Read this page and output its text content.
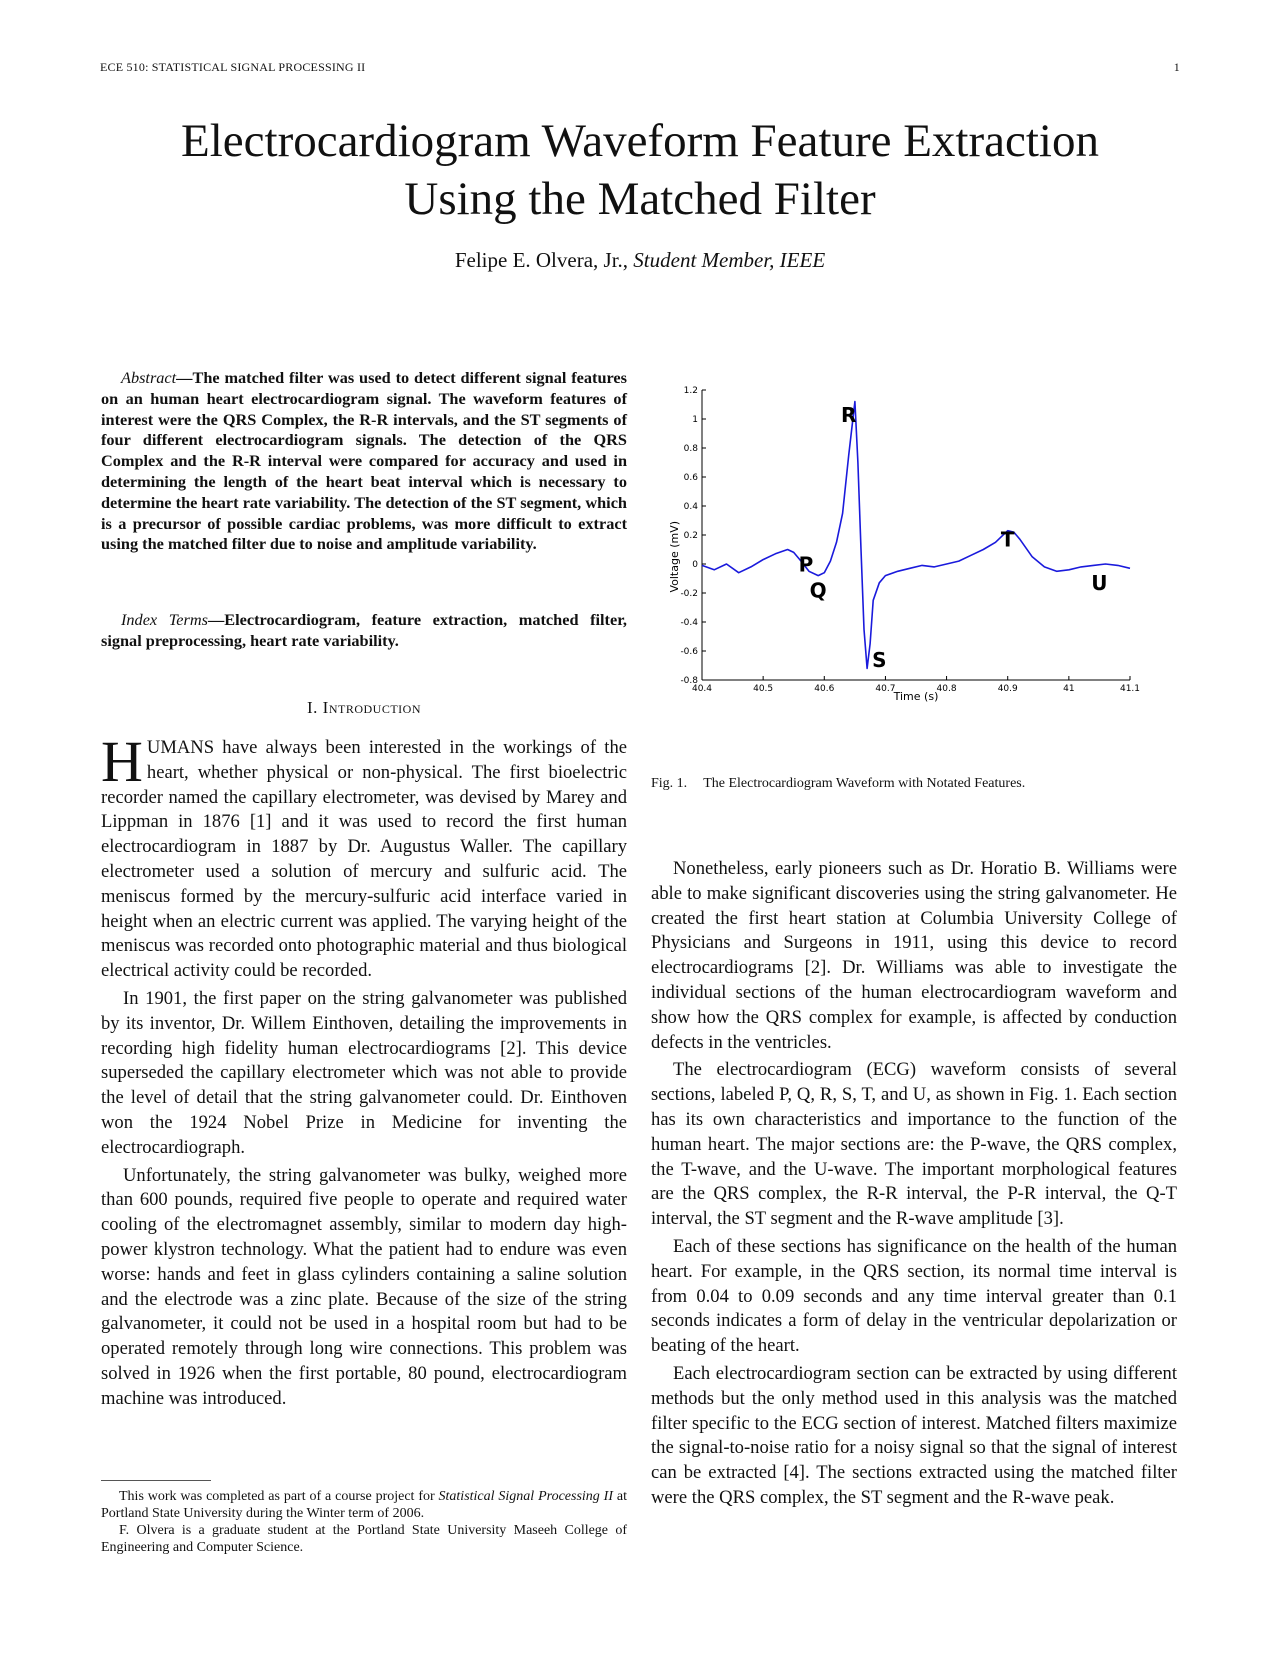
ECE 510: STATISTICAL SIGNAL PROCESSING II	1
Electrocardiogram Waveform Feature Extraction
Using the Matched Filter
Felipe E. Olvera, Jr., Student Member, IEEE
Abstract—The matched filter was used to detect different signal features on an human heart electrocardiogram signal. The waveform features of interest were the QRS Complex, the R-R intervals, and the ST segments of four different electrocardiogram signals. The detection of the QRS Complex and the R-R interval were compared for accuracy and used in determining the length of the heart beat interval which is necessary to determine the heart rate variability. The detection of the ST segment, which is a precursor of possible cardiac problems, was more difficult to extract using the matched filter due to noise and amplitude variability.
Index Terms—Electrocardiogram, feature extraction, matched filter, signal preprocessing, heart rate variability.
I. Introduction

HUMANS have always been interested in the workings of the heart, whether physical or non-physical. The first bioelectric recorder named the capillary electrometer, was devised by Marey and Lippman in 1876 [1] and it was used to record the first human electrocardiogram in 1887 by Dr. Augustus Waller. The capillary electrometer used a solution of mercury and sulfuric acid. The meniscus formed by the mercury-sulfuric acid interface varied in height when an electric current was applied. The varying height of the meniscus was recorded onto photographic material and thus biological electrical activity could be recorded.

In 1901, the first paper on the string galvanometer was published by its inventor, Dr. Willem Einthoven, detailing the improvements in recording high fidelity human electrocardiograms [2]. This device superseded the capillary electrometer which was not able to provide the level of detail that the string galvanometer could. Dr. Einthoven won the 1924 Nobel Prize in Medicine for inventing the electrocardiograph.

Unfortunately, the string galvanometer was bulky, weighed more than 600 pounds, required five people to operate and required water cooling of the electromagnet assembly, similar to modern day high-power klystron technology. What the patient had to endure was even worse: hands and feet in glass cylinders containing a saline solution and the electrode was a zinc plate. Because of the size of the string galvanometer, it could not be used in a hospital room but had to be operated remotely through long wire connections. This problem was solved in 1926 when the first portable, 80 pound, electrocardiogram machine was introduced.

This work was completed as part of a course project for Statistical Signal Processing II at Portland State University during the Winter term of 2006.

F. Olvera is a graduate student at the Portland State University Maseeh College of Engineering and Computer Science.

1.2
1
0.8
0.6
0.4
0.2
0
-0.2
-0.4
-0.6
-0.8
40.4	40.5	40.6	40.7	40.8	40.9	41	41.1
Time (s)
Voltage (mV)	P
Q
R
S
T
U
Fig. 1. The Electrocardiogram Waveform with Notated Features.

Nonetheless, early pioneers such as Dr. Horatio B. Williams were able to make significant discoveries using the string galvanometer. He created the first heart station at Columbia University College of Physicians and Surgeons in 1911, using this device to record electrocardiograms [2]. Dr. Williams was able to investigate the individual sections of the human electrocardiogram waveform and show how the QRS complex for example, is affected by conduction defects in the ventricles.

The electrocardiogram (ECG) waveform consists of several sections, labeled P, Q, R, S, T, and U, as shown in Fig. 1. Each section has its own characteristics and importance to the function of the human heart. The major sections are: the P-wave, the QRS complex, the T-wave, and the U-wave. The important morphological features are the QRS complex, the R-R interval, the P-R interval, the Q-T interval, the ST segment and the R-wave amplitude [3].

Each of these sections has significance on the health of the human heart. For example, in the QRS section, its normal time interval is from 0.04 to 0.09 seconds and any time interval greater than 0.1 seconds indicates a form of delay in the ventricular depolarization or beating of the heart.

Each electrocardiogram section can be extracted by using different methods but the only method used in this analysis was the matched filter specific to the ECG section of interest. Matched filters maximize the signal-to-noise ratio for a noisy signal so that the signal of interest can be extracted [4]. The sections extracted using the matched filter were the QRS complex, the ST segment and the R-wave peak.
